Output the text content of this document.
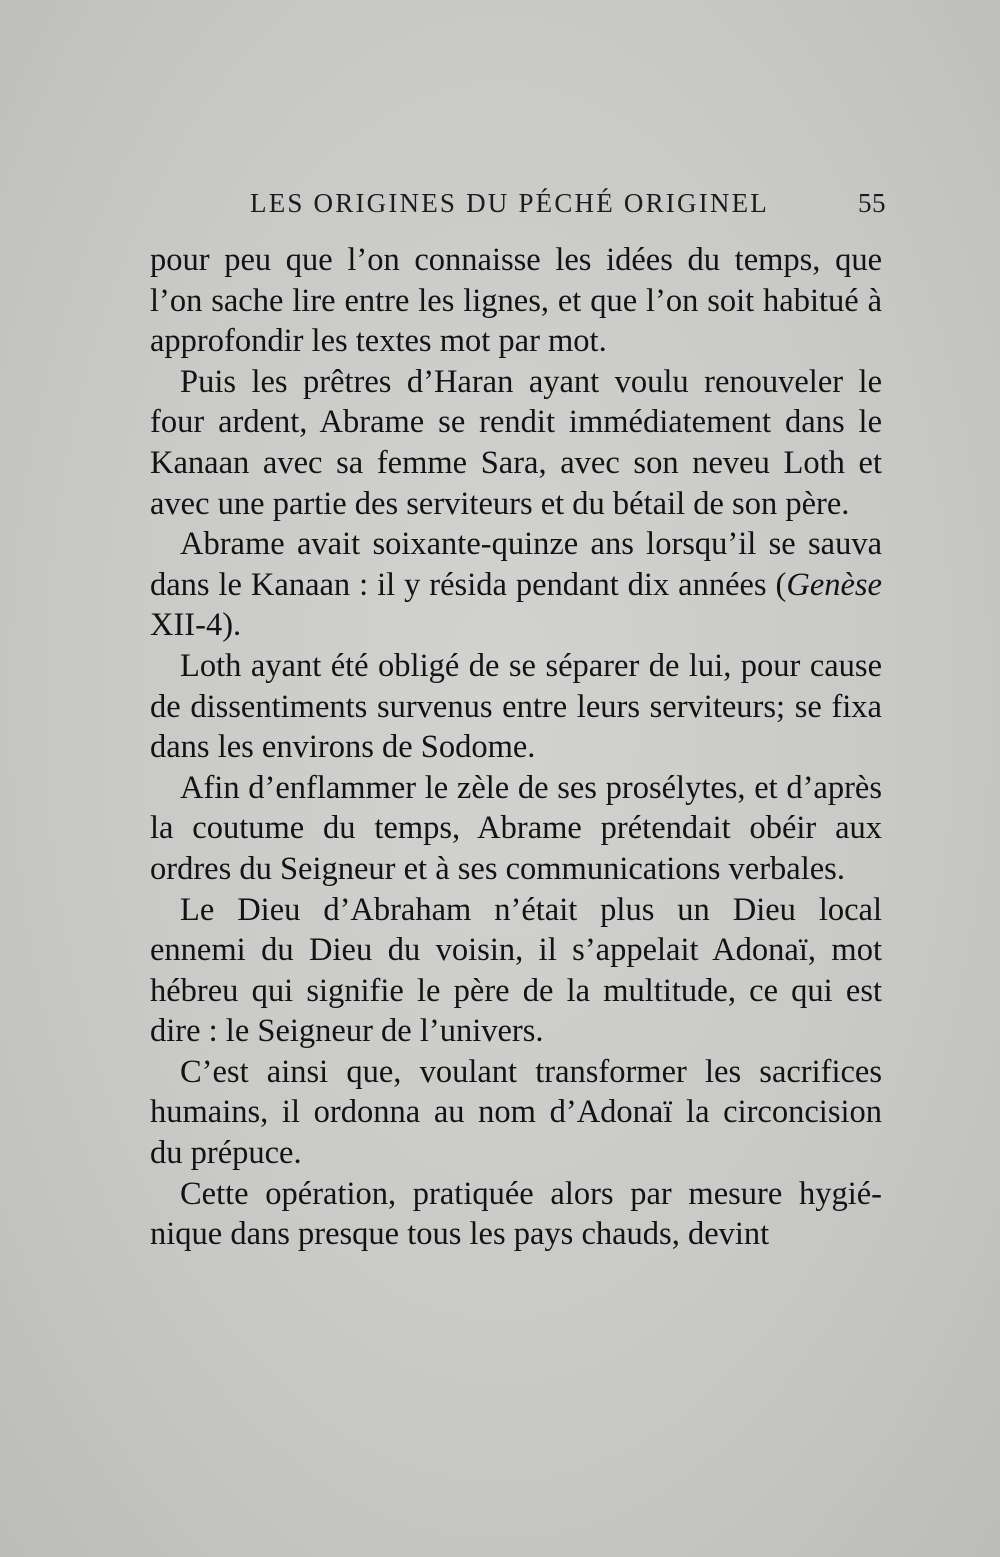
LES ORIGINES DU PÉCHÉ ORIGINEL	55

pour peu que l’on connaisse les idées du temps, que l’on sache lire entre les lignes, et que l’on soit habitué à approfondir les textes mot par mot.

Puis les prêtres d’Haran ayant voulu renouveler le four ardent, Abrame se rendit immédiatement dans le Kanaan avec sa femme Sara, avec son neveu Loth et avec une partie des serviteurs et du bétail de son père.

Abrame avait soixante-quinze ans lorsqu’il se sauva dans le Kanaan : il y résida pendant dix années (Genèse XII-4).

Loth ayant été obligé de se séparer de lui, pour cause de dissentiments survenus entre leurs serviteurs; se fixa dans les environs de Sodome.

Afin d’enflammer le zèle de ses prosélytes, et d’après la coutume du temps, Abrame prétendait obéir aux ordres du Seigneur et à ses communications verbales.

Le Dieu d’Abraham n’était plus un Dieu local ennemi du Dieu du voisin, il s’appelait Adonaï, mot hébreu qui signifie le père de la multitude, ce qui est dire : le Seigneur de l’univers.

C’est ainsi que, voulant transformer les sacrifices humains, il ordonna au nom d’Adonaï la circoncision du prépuce.

Cette opération, pratiquée alors par mesure hygiénique dans presque tous les pays chauds, devint
